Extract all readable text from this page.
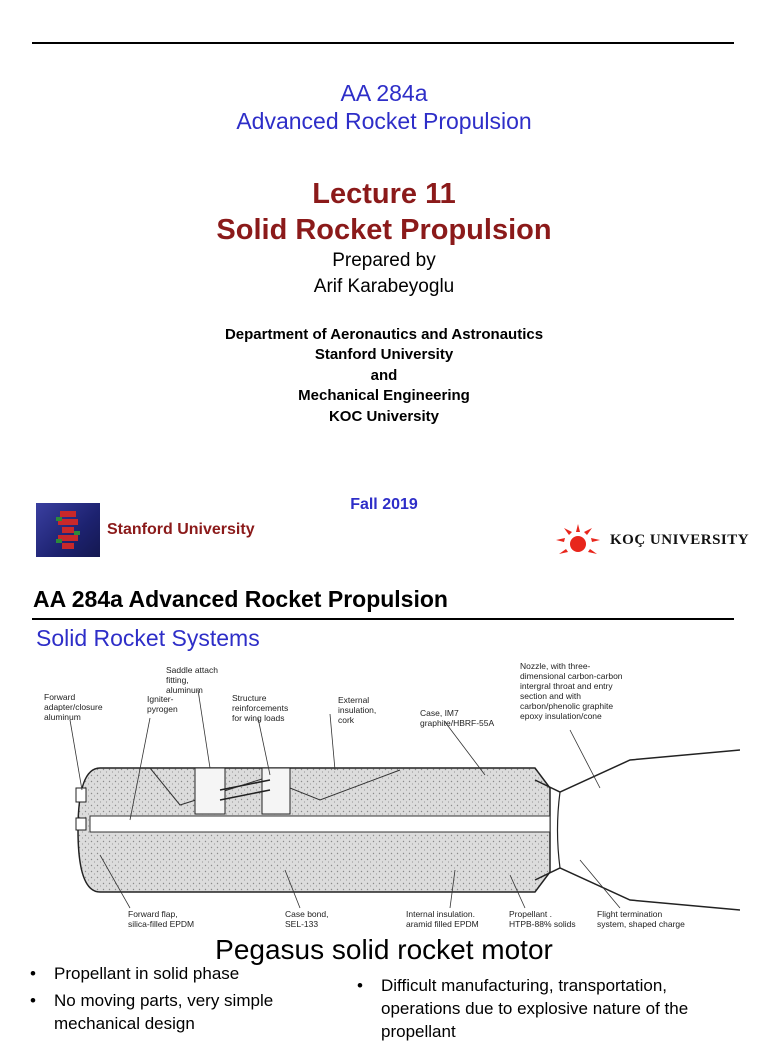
AA 284a
Advanced Rocket Propulsion
Lecture 11
Solid Rocket Propulsion
Prepared by
Arif Karabeyoglu
Department of Aeronautics and Astronautics
Stanford University
and
Mechanical Engineering
KOC University
Fall 2019
Stanford University
KOÇ UNIVERSITY
AA 284a Advanced Rocket Propulsion
Solid Rocket Systems
Saddle attach
fitting,
aluminum
Forward
adapter/closure
aluminum
Igniter-
pyrogen
Structure
reinforcements
for wing loads
External
insulation,
cork
Case, IM7
graphite/HBRF-55A
Nozzle, with three-
dimensional carbon-carbon
intergral throat and entry
section and with
carbon/phenolic graphite
epoxy insulation/cone
Forward flap,
silica-filled EPDM
Case bond,
SEL-133
Internal insulation.
aramid filled EPDM
Propellant .
HTPB-88% solids
Flight termination
system, shaped charge
Pegasus solid rocket motor
• Propellant in solid phase
• No moving parts, very simple mechanical design
• Difficult manufacturing, transportation, operations due to explosive nature of the propellant
